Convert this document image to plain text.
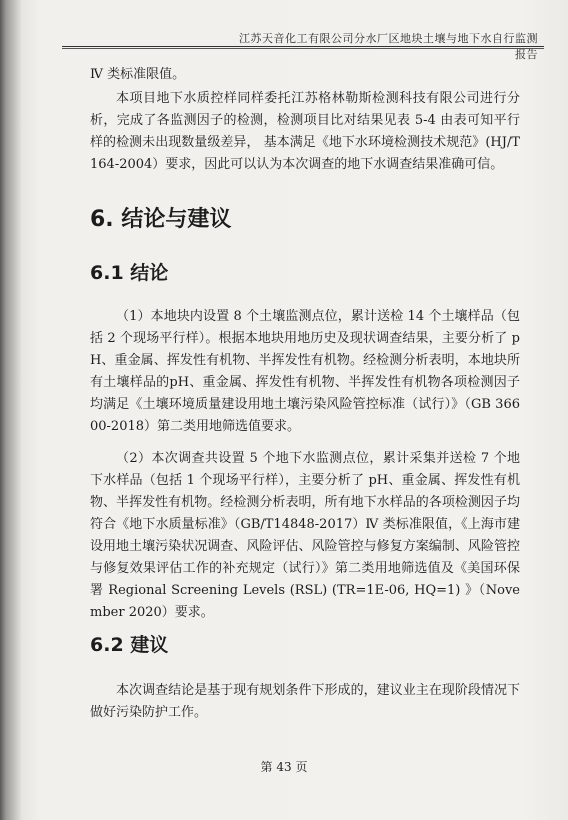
江苏天音化工有限公司分水厂区地块土壤与地下水自行监测报告
Ⅳ 类标准限值。
本项目地下水质控样同样委托江苏格林勒斯检测科技有限公司进行分析，完成了各监测因子的检测，检测项目比对结果见表 5-4 由表可知平行样的检测未出现数量级差异， 基本满足《地下水环境检测技术规范》(HJ/T164-2004）要求，因此可以认为本次调查的地下水调查结果准确可信。
6. 结论与建议
6.1 结论
（1）本地块内设置 8 个土壤监测点位，累计送检 14 个土壤样品（包括 2 个现场平行样）。根据本地块用地历史及现状调查结果，主要分析了 pH、重金属、挥发性有机物、半挥发性有机物。经检测分析表明，本地块所有土壤样品的pH、重金属、挥发性有机物、半挥发性有机物各项检测因子均满足《土壤环境质量建设用地土壤污染风险管控标准（试行）》（GB 36600-2018）第二类用地筛选值要求。
（2）本次调查共设置 5 个地下水监测点位，累计采集并送检 7 个地下水样品（包括 1 个现场平行样），主要分析了 pH、重金属、挥发性有机物、半挥发性有机物。经检测分析表明，所有地下水样品的各项检测因子均符合《地下水质量标准》（GB/T14848-2017）Ⅳ 类标准限值，《上海市建设用地土壤污染状况调查、风险评估、风险管控与修复方案编制、风险管控与修复效果评估工作的补充规定（试行）》第二类用地筛选值及《美国环保署 Regional Screening Levels (RSL) (TR=1E-06, HQ=1) 》（November 2020）要求。
6.2 建议
本次调查结论是基于现有规划条件下形成的，建议业主在现阶段情况下做好污染防护工作。
第 43 页
